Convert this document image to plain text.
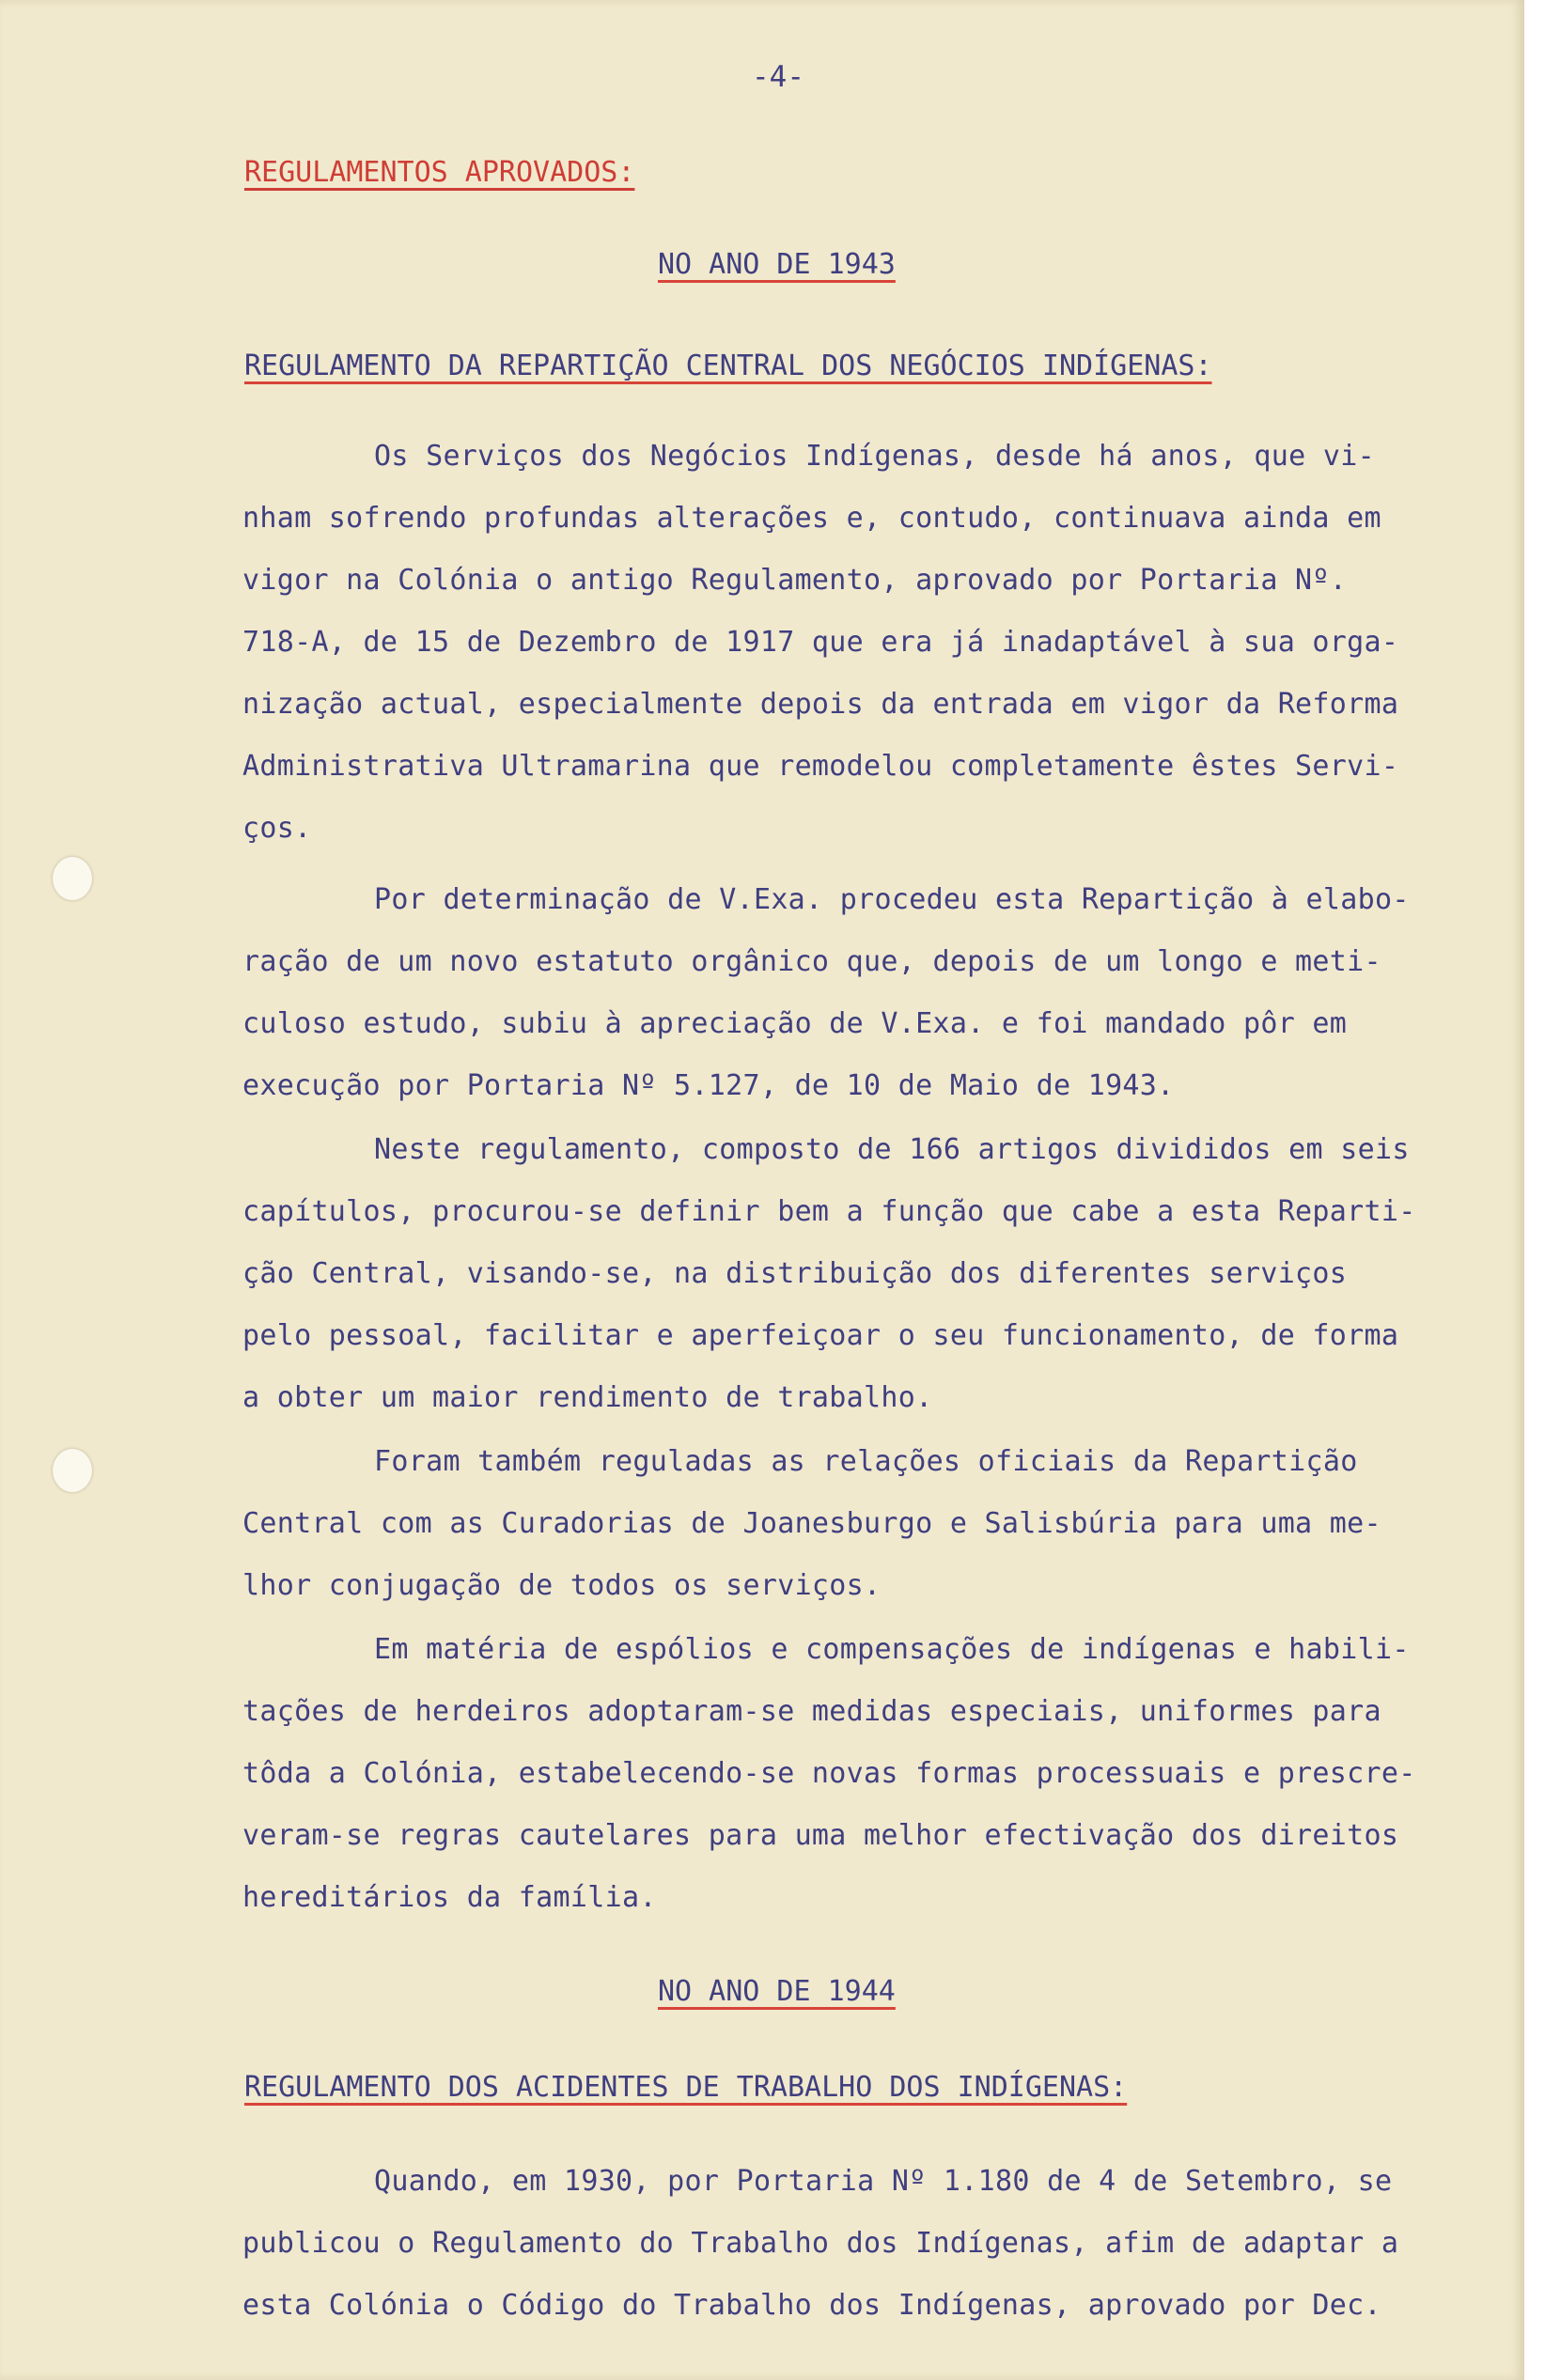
-4-
REGULAMENTOS APROVADOS:
NO ANO DE 1943
REGULAMENTO DA REPARTIÇÃO CENTRAL DOS NEGÓCIOS INDÍGENAS:
Os Serviços dos Negócios Indígenas, desde há anos, que vi-
nham sofrendo profundas alterações e, contudo, continuava ainda em
vigor na Colónia o antigo Regulamento, aprovado por Portaria Nº.
718-A, de 15 de Dezembro de 1917 que era já inadaptável à sua orga-
nização actual, especialmente depois da entrada em vigor da Reforma
Administrativa Ultramarina que remodelou completamente êstes Servi-
ços.
Por determinação de V.Exa. procedeu esta Repartição à elabo-
ração de um novo estatuto orgânico que, depois de um longo e meti-
culoso estudo, subiu à apreciação de V.Exa. e foi mandado pôr em
execução por Portaria Nº 5.127, de 10 de Maio de 1943.
Neste regulamento, composto de 166 artigos divididos em seis
capítulos, procurou-se definir bem a função que cabe a esta Reparti-
ção Central, visando-se, na distribuição dos diferentes serviços
pelo pessoal, facilitar e aperfeiçoar o seu funcionamento, de forma
a obter um maior rendimento de trabalho.
Foram também reguladas as relações oficiais da Repartição
Central com as Curadorias de Joanesburgo e Salisbúria para uma me-
lhor conjugação de todos os serviços.
Em matéria de espólios e compensações de indígenas e habili-
tações de herdeiros adoptaram-se medidas especiais, uniformes para
tôda a Colónia, estabelecendo-se novas formas processuais e prescre-
veram-se regras cautelares para uma melhor efectivação dos direitos
hereditários da família.
NO ANO DE 1944
REGULAMENTO DOS ACIDENTES DE TRABALHO DOS INDÍGENAS:
Quando, em 1930, por Portaria Nº 1.180 de 4 de Setembro, se
publicou o Regulamento do Trabalho dos Indígenas, afim de adaptar a
esta Colónia o Código do Trabalho dos Indígenas, aprovado por Dec.
